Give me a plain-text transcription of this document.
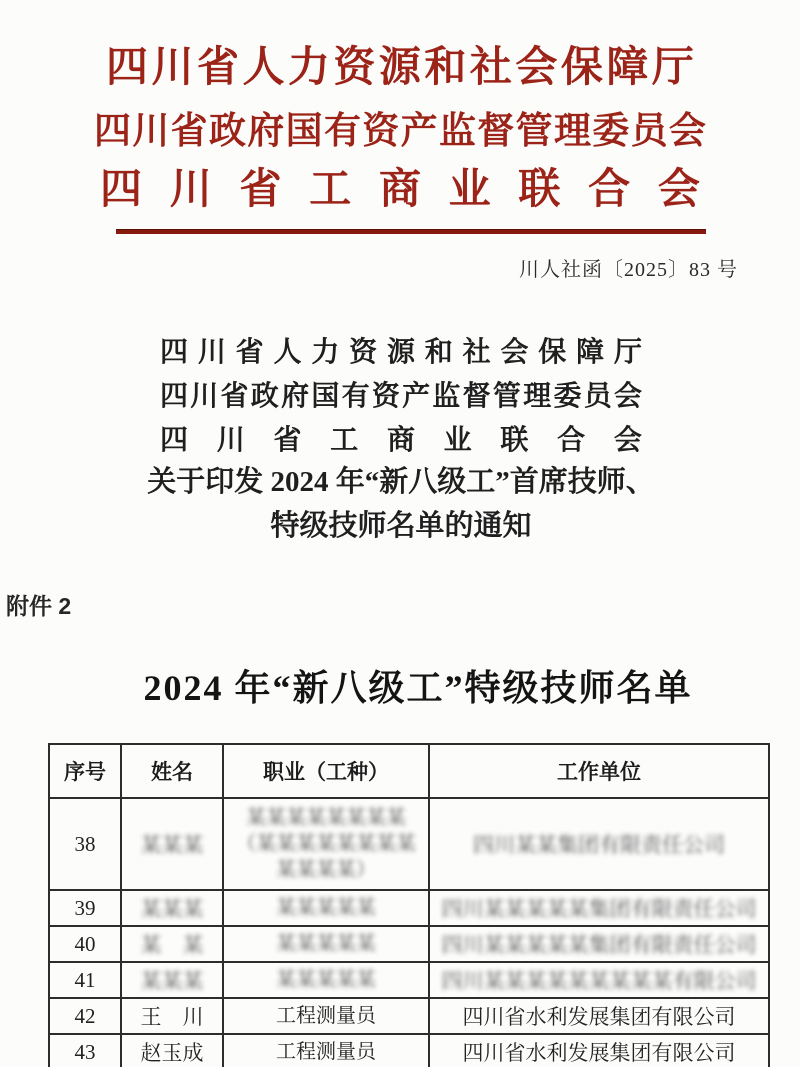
四 川 省 人 力 资 源 和 社 会 保 障 厅
四 川 省 政 府 国 有 资 产 监 督 管 理 委 员 会
四 川 省 工 商 业 联 合 会
川人社函〔2025〕83 号
四 川 省 人 力 资 源 和 社 会 保 障 厅
四 川 省 政 府 国 有 资 产 监 督 管 理 委 员 会
四 川 省 工 商 业 联 合 会
关于印发 2024 年“新八级工”首席技师、
特级技师名单的通知
附件 2
2024 年“新八级工”特级技师名单
序号	姓名	职业（工种）	工作单位
38	某某某	某某某某某某某某
（某某某某某某某某
某某某某）	四川某某集团有限责任公司
39	某某某	某某某某某	四川某某某某某集团有限责任公司
40	某　某	某某某某某	四川某某某某某集团有限责任公司
41	某某某	某某某某某	四川某某某某某某某某某有限公司
42	王　川	工程测量员	四川省水利发展集团有限公司
43	赵玉成	工程测量员	四川省水利发展集团有限公司
